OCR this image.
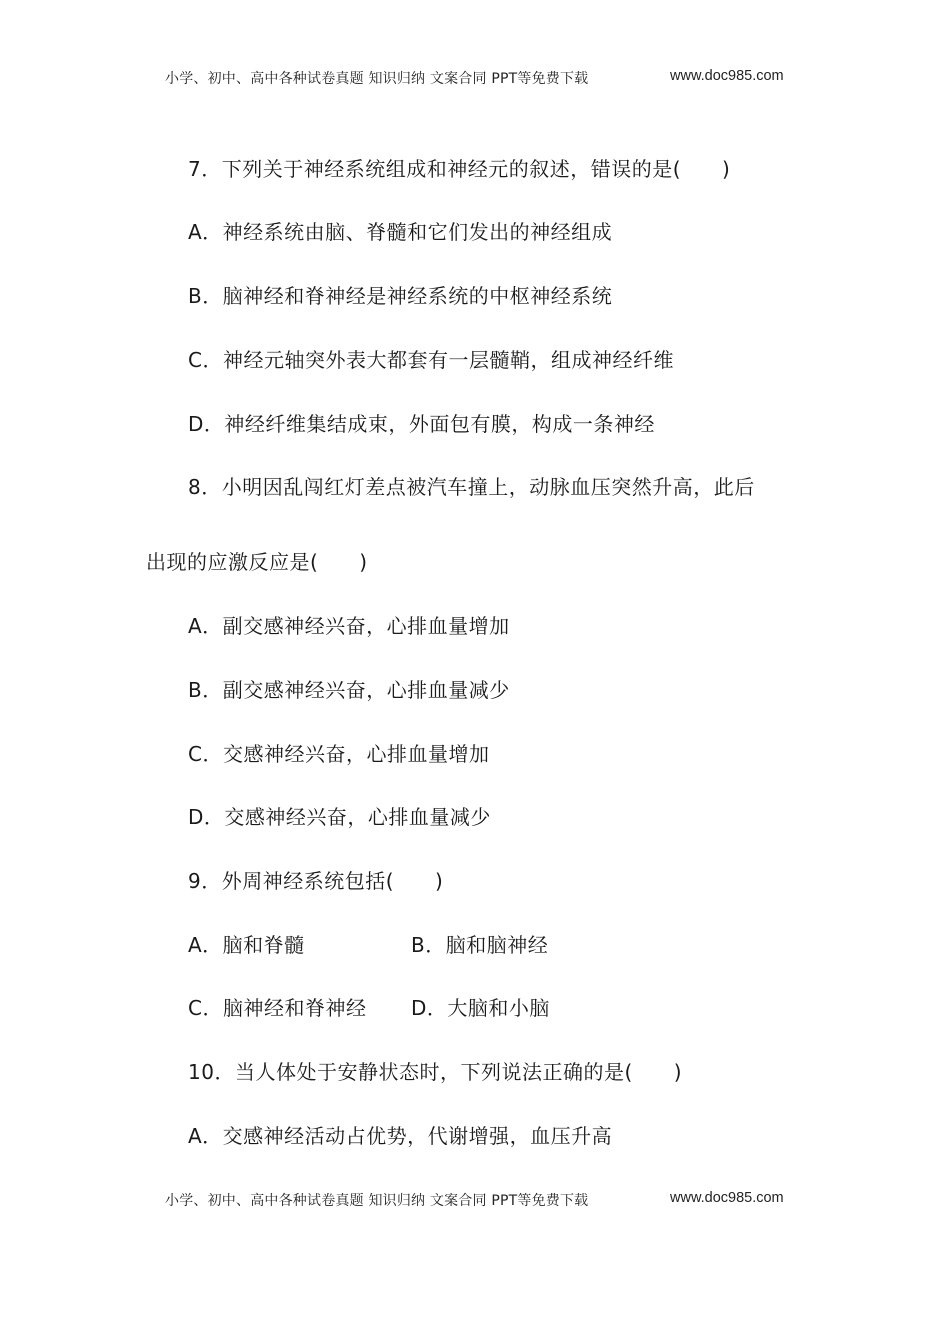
小学、初中、高中各种试卷真题 知识归纳 文案合同 PPT等免费下载	www.doc985.com
7．下列关于神经系统组成和神经元的叙述，错误的是(　　)
A．神经系统由脑、脊髓和它们发出的神经组成
B．脑神经和脊神经是神经系统的中枢神经系统
C．神经元轴突外表大都套有一层髓鞘，组成神经纤维
D．神经纤维集结成束，外面包有膜，构成一条神经
8．小明因乱闯红灯差点被汽车撞上，动脉血压突然升高，此后
出现的应激反应是(　　)
A．副交感神经兴奋，心排血量增加
B．副交感神经兴奋，心排血量减少
C．交感神经兴奋，心排血量增加
D．交感神经兴奋，心排血量减少
9．外周神经系统包括(　　)
A．脑和脊髓	B．脑和脑神经
C．脑神经和脊神经 D．大脑和小脑
10．当人体处于安静状态时，下列说法正确的是(　　)
A．交感神经活动占优势，代谢增强，血压升高
小学、初中、高中各种试卷真题 知识归纳 文案合同 PPT等免费下载	www.doc985.com
